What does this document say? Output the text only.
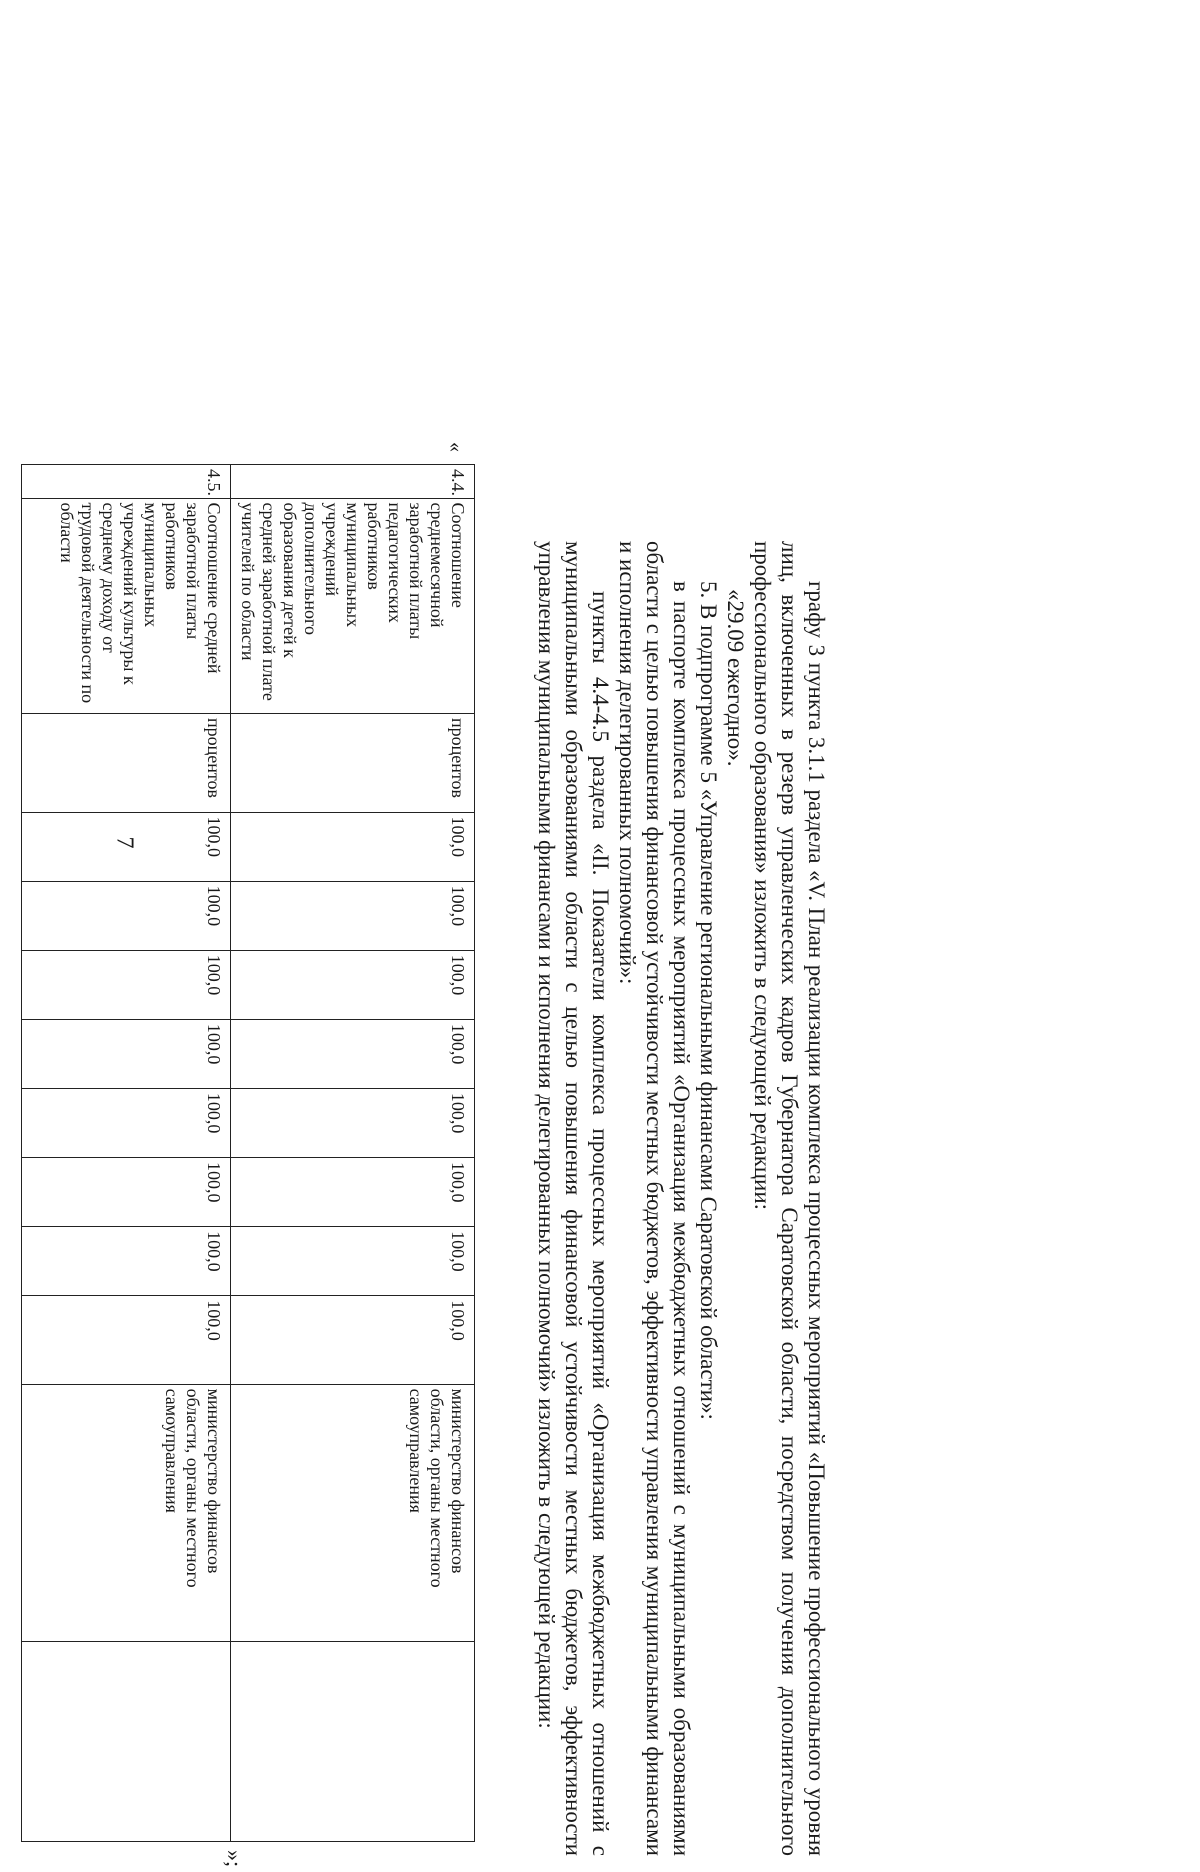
7	графу 3 пункта 3.1.1 раздела «V. План реализации комплекса процессных мероприятий «Повышение профессионального уровня лиц, включенных в резерв управленческих кадров Губернатора Саратовской области, посредством получения дополнительного профессионального образования» изложить в следующей редакции:

«29.09 ежегодно».

5. В подпрограмме 5 «Управление региональными финансами Саратовской области»:

в паспорте комплекса процессных мероприятий «Организация межбюджетных отношений с муниципальными образованиями области с целью повышения финансовой устойчивости местных бюджетов, эффективности управления муниципальными финансами и исполнения делегированных полномочий»:

пункты 4.4-4.5 раздела «II. Показатели комплекса процессных мероприятий «Организация межбюджетных отношений с муниципальными образованиями области с целью повышения финансовой устойчивости местных бюджетов, эффективности управления муниципальными финансами и исполнения делегированных полномочий» изложить в следующей редакции:

«
4.4.	Соотношение среднемесячной заработной платы педагогических работников муниципальных учреждений дополнительного образования детей к средней заработной плате учителей по области	процентов	100,0	100,0	100,0	100,0	100,0	100,0	100,0	100,0	министерство финансов области, органы местного самоуправления	
4.5.	Соотношение средней заработной платы работников муниципальных учреждений культуры к среднему доходу от трудовой деятельности по области	процентов	100,0	100,0	100,0	100,0	100,0	100,0	100,0	100,0	министерство финансов области, органы местного самоуправления	
»;
